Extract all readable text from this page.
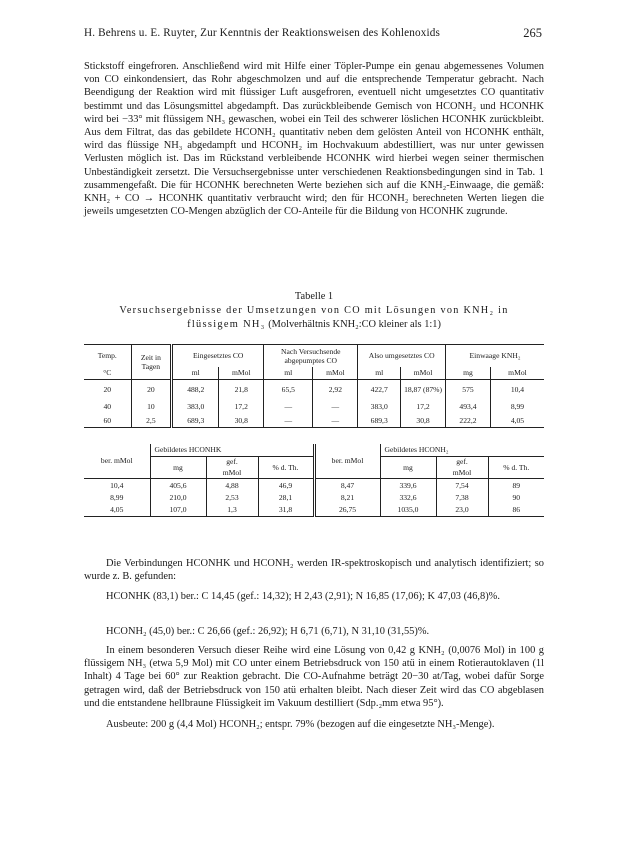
H. Behrens u. E. Ruyter, Zur Kenntnis der Reaktionsweisen des Kohlenoxids	265

Stickstoff eingefroren. Anschließend wird mit Hilfe einer Töpler-Pumpe ein genau abgemessenes Volumen von CO einkondensiert, das Rohr abgeschmolzen und auf die entsprechende Temperatur gebracht. Nach Beendigung der Reaktion wird mit flüssiger Luft ausgefroren, eventuell nicht umgesetztes CO quantitativ bestimmt und das Lösungsmittel abgedampft. Das zurückbleibende Gemisch von HCONH₂ und HCONHK wird bei −33° mit flüssigem NH₃ gewaschen, wobei ein Teil des schwerer löslichen HCONHK zurückbleibt. Aus dem Filtrat, das das gebildete HCONH₂ quantitativ neben dem gelösten Anteil von HCONHK enthält, wird das flüssige NH₃ abgedampft und HCONH₂ im Hochvakuum abdestilliert, was nur unter gewissen Verlusten möglich ist. Das im Rückstand verbleibende HCONHK wird hierbei wegen seiner thermischen Unbeständigkeit zersetzt. Die Versuchsergebnisse unter verschiedenen Reaktionsbedingungen sind in Tab. 1 zusammengefaßt. Die für HCONHK berechneten Werte beziehen sich auf die KNH₂-Einwaage, die gemäß: KNH₂ + CO → HCONHK quantitativ verbraucht wird; den für HCONH₂ berechneten Werten liegen die jeweils umgesetzten CO-Mengen abzüglich der CO-Anteile für die Bildung von HCONHK zugrunde.

Tabelle 1
Versuchsergebnisse der Umsetzungen von CO mit Lösungen von KNH₂ in
flüssigem NH₃ (Molverhältnis KNH₂:CO kleiner als 1:1)
Temp.	Zeit in Tagen	Eingesetztes CO		Nach Versuchsende abgepumptes CO		Also umgesetztes CO		Einwaage KNH₂	
°C		ml	mMol	ml	mMol	ml	mMol	mg	mMol
20	20	488,2	21,8	65,5	2,92	422,7	18,87 (87%)	575	10,4
40	10	383,0	17,2	—	—	383,0	17,2	493,4	8,99
60	2,5	689,3	30,8	—	—	689,3	30,8	222,2	4,05
ber. mMol	Gebildetes HCONHK			ber. mMol	Gebildetes HCONH₂		
	mg	gef.	% d. Th.		mg	gef.	% d. Th.
		mMol				mMol	
10,4	405,6	4,88	46,9	8,47	339,6	7,54	89
8,99	210,0	2,53	28,1	8,21	332,6	7,38	90
4,05	107,0	1,3	31,8	26,75	1035,0	23,0	86

Die Verbindungen HCONHK und HCONH₂ werden IR-spektroskopisch und analytisch identifiziert; so wurde z. B. gefunden:

HCONHK (83,1) ber.: C 14,45 (gef.: 14,32); H 2,43 (2,91); N 16,85 (17,06); K 47,03 (46,8)%.

HCONH₂ (45,0) ber.: C 26,66 (gef.: 26,92); H 6,71 (6,71), N 31,10 (31,55)%.

In einem besonderen Versuch dieser Reihe wird eine Lösung von 0,42 g KNH₂ (0,0076 Mol) in 100 g flüssigem NH₃ (etwa 5,9 Mol) mit CO unter einem Betriebsdruck von 150 atü in einem Rotierautoklaven (1l Inhalt) 4 Tage bei 60° zur Reaktion gebracht. Die CO-Aufnahme beträgt 20−30 at/Tag, wobei dafür Sorge getragen wird, daß der Betriebsdruck von 150 atü erhalten bleibt. Nach dieser Zeit wird das CO abgeblasen und die entstandene hellbraune Flüssigkeit im Vakuum destilliert (Sdp.₂mm etwa 95°).

Ausbeute: 200 g (4,4 Mol) HCONH₂; entspr. 79% (bezogen auf die eingesetzte NH₃-Menge).
